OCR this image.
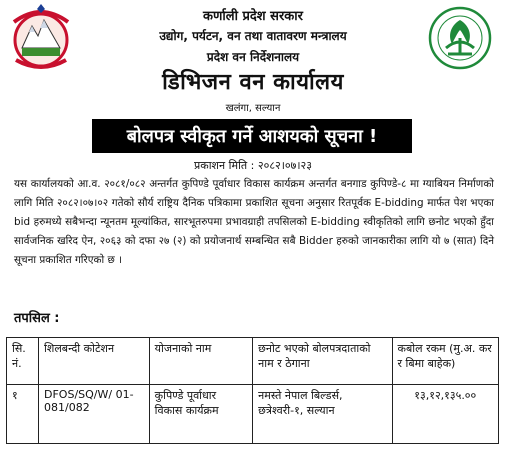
कर्णाली प्रदेश सरकार
उद्योग, पर्यटन, वन तथा वातावरण मन्त्रालय
प्रदेश वन निर्देशनालय
डिभिजन वन कार्यालय
खलंगा, सल्यान
बोलपत्र स्वीकृत गर्ने आशयको सूचना !
प्रकाशन मिति : २०८२।०७।२३
यस कार्यालयको आ.व. २०८१/०८२ अन्तर्गत कुपिण्डे पूर्वाधार विकास कार्यक्रम अन्तर्गत बनगाड कुपिण्डे-८ मा ग्याबियन निर्माणको लागि मिति २०८२।०७।०२ गतेको सौर्य राष्ट्रिय दैनिक पत्रिकामा प्रकाशित सूचना अनुसार रितपूर्वक E-bidding मार्फत पेश भएका bid हरुमध्ये सबैभन्दा न्यूनतम मूल्यांकित, सारभूतरुपमा प्रभावग्राही तपसिलको E-bidding स्वीकृतिको लागि छनोट भएको हुँदा सार्वजनिक खरिद ऐन, २०६३ को दफा २७ (२) को प्रयोजनार्थ सम्बन्धित सबै Bidder हरुको जानकारीका लागि यो ७ (सात) दिने सूचना प्रकाशित गरिएको छ ।
तपसिल :
सि. नं.	शिलबन्दी कोटेशन	योजनाको नाम	छनोट भएको बोलपत्रदाताको नाम र ठेगाना	कबोल रकम (मु.अ. कर र बिमा बाहेक)
१	DFOS/SQ/W/ 01-081/082	कुपिण्डे पूर्वाधार विकास कार्यक्रम	नमस्ते नेपाल बिल्डर्स, छत्रेश्वरी-१, सल्यान	१३,१२,१३५.००
